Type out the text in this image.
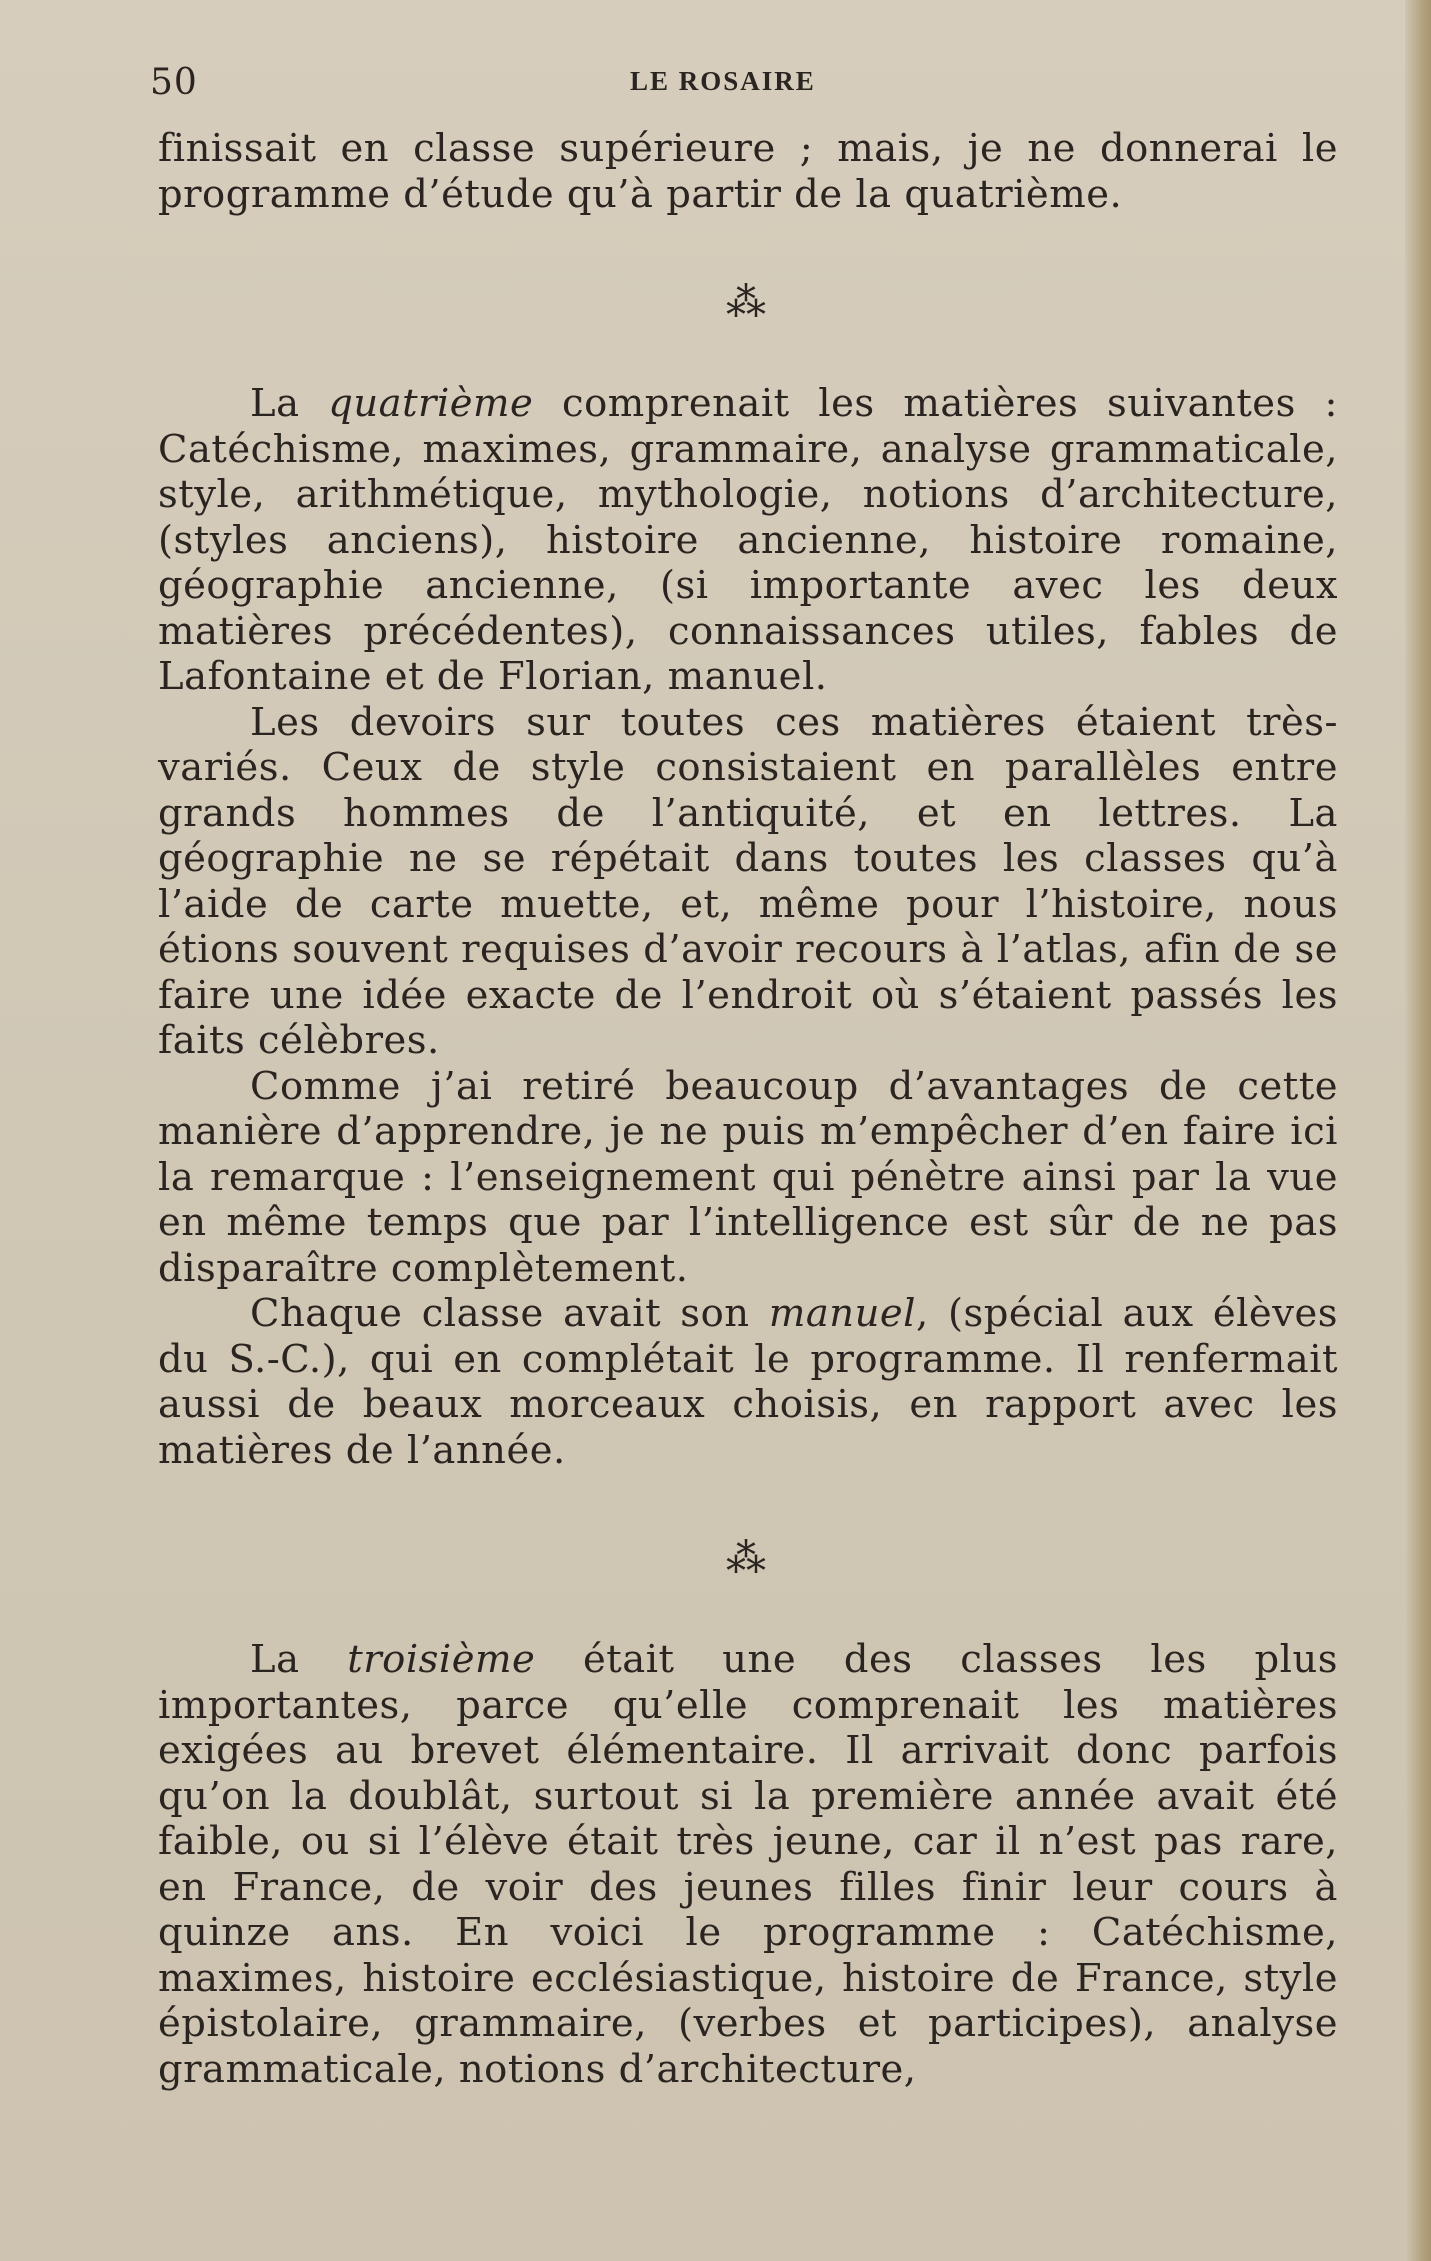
50	LE ROSAIRE

finissait en classe supérieure ; mais, je ne donnerai le programme d’étude qu’à partir de la quatrième.

⁂

La quatrième comprenait les matières suivantes : Catéchisme, maximes, grammaire, analyse grammaticale, style, arithmétique, mythologie, notions d’architecture, (styles anciens), histoire ancienne, histoire romaine, géographie ancienne, (si importante avec les deux matières précédentes), connaissances utiles, fables de Lafontaine et de Florian, manuel.

Les devoirs sur toutes ces matières étaient très-variés. Ceux de style consistaient en parallèles entre grands hommes de l’antiquité, et en lettres. La géographie ne se répétait dans toutes les classes qu’à l’aide de carte muette, et, même pour l’histoire, nous étions souvent requises d’avoir recours à l’atlas, afin de se faire une idée exacte de l’endroit où s’étaient passés les faits célèbres.

Comme j’ai retiré beaucoup d’avantages de cette manière d’apprendre, je ne puis m’empêcher d’en faire ici la remarque : l’enseignement qui pénètre ainsi par la vue en même temps que par l’intelligence est sûr de ne pas disparaître complètement.

Chaque classe avait son manuel, (spécial aux élèves du S.-C.), qui en complétait le programme. Il renfermait aussi de beaux morceaux choisis, en rapport avec les matières de l’année.

⁂

La troisième était une des classes les plus importantes, parce qu’elle comprenait les matières exigées au brevet élémentaire. Il arrivait donc parfois qu’on la doublât, surtout si la première année avait été faible, ou si l’élève était très jeune, car il n’est pas rare, en France, de voir des jeunes filles finir leur cours à quinze ans. En voici le programme : Catéchisme, maximes, histoire ecclésiastique, histoire de France, style épistolaire, grammaire, (verbes et participes), analyse grammaticale, notions d’architecture,
